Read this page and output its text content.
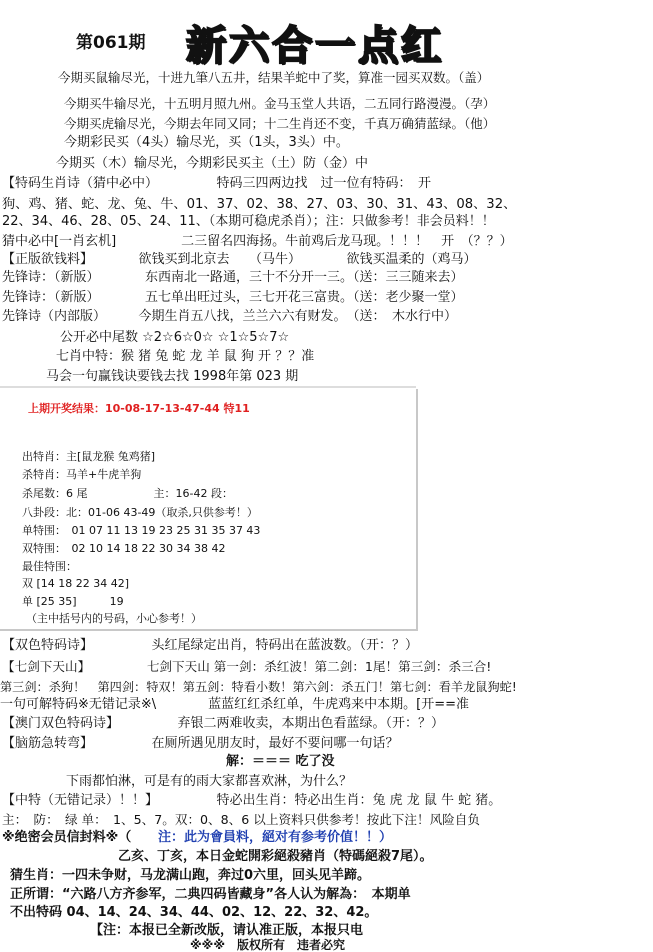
第061期 新六合一点红
今期买鼠输尽光，十进九筆八五井，结果羊蛇中了奖，算准一园买双数。（盖）
今期买牛输尽光，十五明月照九州。金马玉堂人共语，二五同行路漫漫。（孕）
今期买虎输尽光，今期去年同又同；十二生肖还不变，千真万确猜蓝绿。（他）
今期彩民买（4头）输尽光，买（1头，3头）中。
今期买（木）输尽光，今期彩民买主（土）防（金）中
【特码生肖诗（猜中必中）　　　　　特码三四两边找　过一位有特码：　开
狗、鸡、猪、蛇、龙、兔、牛、01、37、02、38、27、03、30、31、43、08、32、
22、34、46、28、05、24、11、（本期可稳虎杀肖）；注：只做参考！非会员料！！
猜中必中[一肖玄机]　　　　　二三留名四海扬。牛前鸡后龙马现。！！！　开　（？？）
【正版欲钱料】　　　　欲钱买到北京去　　（马牛）　　　　欲钱买温柔的（鸡马）
先锋诗：（新版）　　　　东西南北一路通，三十不分开一三。（送：三三随来去）
先锋诗：（新版）　　　　五七单出旺过头，三七开花三富贵。（送：老少聚一堂）
先锋诗（内部版）　　　今期生肖五八找，兰兰六六有财发。　（送：　木水行中）
公开必中尾数 ☆2☆6☆0☆ ☆1☆5☆7☆
七肖中特：猴 猪 兔 蛇 龙 羊 鼠 狗 开 ？？准
马会一句赢钱诀要钱去找 1998年第 023 期
上期开奖结果：10-08-17-13-47-44 特11
出特肖：主[鼠龙猴 兔鸡猪]
杀特肖：马羊+牛虎羊狗
杀尾数：6 尾　　　　　　主：16-42 段：
八卦段：北：01-06 43-49（取杀,只供参考！）
单特围：　01 07 11 13 19 23 25 31 35 37 43
双特围：　02 10 14 18 22 30 34 38 42
最佳特围：
双 [14 18 22 34 42]
单 [25 35]　　　19
（主中括号内的号码，小心参考！）
【双色特码诗】　　　　　头红尾绿定出肖，特码出在蓝波数。（开：？）
【七剑下天山】　　　　　七剑下天山 第一剑：杀红波！第二剑：1尾！第三剑：杀三合!
第三剑：杀狗！　第四剑：特双！第五剑：特看小数！第六剑：杀五门！第七剑：看羊龙鼠狗蛇!
一句可解特码※无错记录※\　　　　蓝蓝红红杀红单，牛虎鸡来中本期。[开==准
【澳门双色特码诗】　　　　　弃银二两难收卖，本期出色看蓝绿。（开：？）
【脑筋急转弯】　　　　　在厕所遇见朋友时，最好不要问哪一句话？
解：＝＝＝ 吃了没
下雨都怕淋，可是有的雨大家都喜欢淋，为什么？
【中特（无错记录）！！】　　　　　特必出生肖：特必出生肖：兔 虎 龙 鼠 牛 蛇 猪。
主：　防：　绿 单：　1、5、7。双：0、8、6 以上资料只供参考！按此下注！风险自负
※绝密会员信封料※（ 注：此为會員料，絕对有参考价值！！）
乙亥、丁亥，本日金蛇開彩絕殺豬肖（特碼絕殺7尾）。
猜生肖：一四未争财，马龙满山跑，奔过0六里，回头见羊蹄。
正所谓：“六路八方齐参军，二典四码皆藏身”各人认为解為：　本期单
不出特码 04、14、24、34、44、02、12、22、32、42。
【注：本报已全新改版，请认准正版，本报只电
※※※　版权所有　违者必究
